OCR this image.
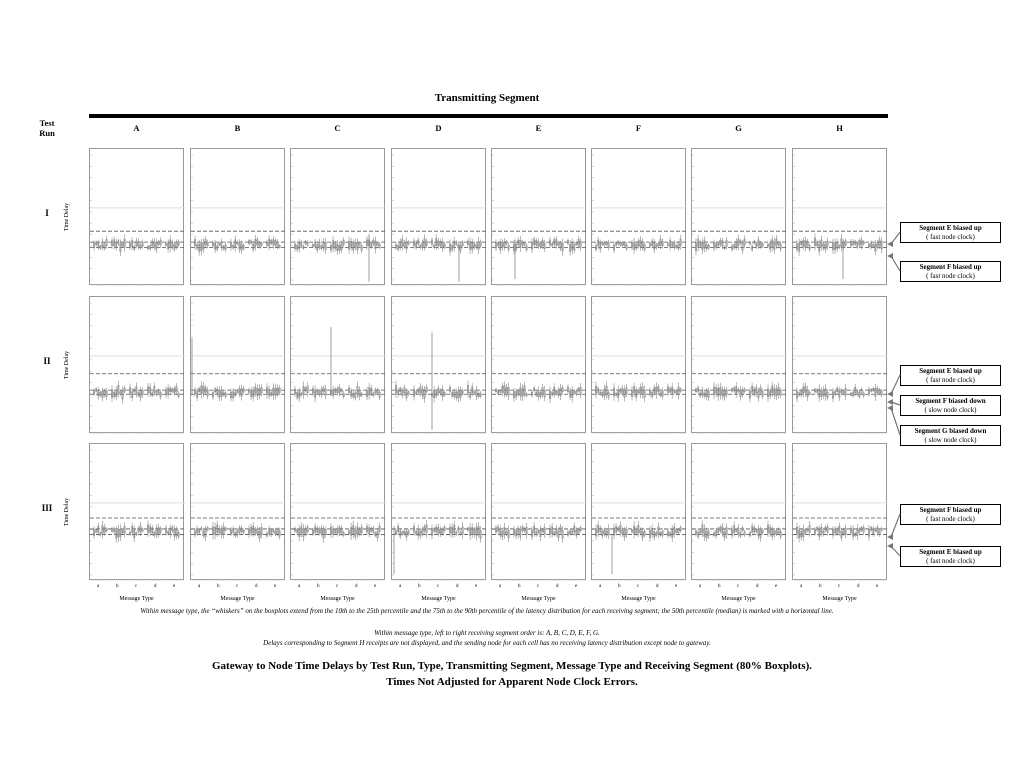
Transmitting Segment
Test
Run	A	B	C	D	E	F	G	H
I	Time Delay
II	Time Delay
III	Time Delay
a	b	c	d	e
Message Type
a	b	c	d	e
Message Type
a	b	c	d	e
Message Type
a	b	c	d	e
Message Type
a	b	c	d	e
Message Type
a	b	c	d	e
Message Type
a	b	c	d	e
Message Type
a	b	c	d	e
Message Type
Segment E biased up
( fast node clock)
Segment F biased up
( fast node clock)
Segment E biased up
( fast node clock)
Segment F biased down
( slow node clock)
Segment G biased down
( slow node clock)
Segment F biased up
( fast node clock)
Segment E biased up
( fast node clock)
Within message type, the “whiskers” on the boxplots extend from the 10th to the 25th percentile and the 75th to the 90th percentile of the latency distribution for each receiving segment; the 50th percentile (median) is marked with a horizontal line.
Within message type, left to right receiving segment order is: A, B, C, D, E, F, G.
Delays corresponding to Segment H receipts are not displayed, and the sending node for each cell has no receiving latency distribution except node to gateway.
Gateway to Node Time Delays by Test Run, Type, Transmitting Segment, Message Type and Receiving Segment (80% Boxplots).
Times Not Adjusted for Apparent Node Clock Errors.
